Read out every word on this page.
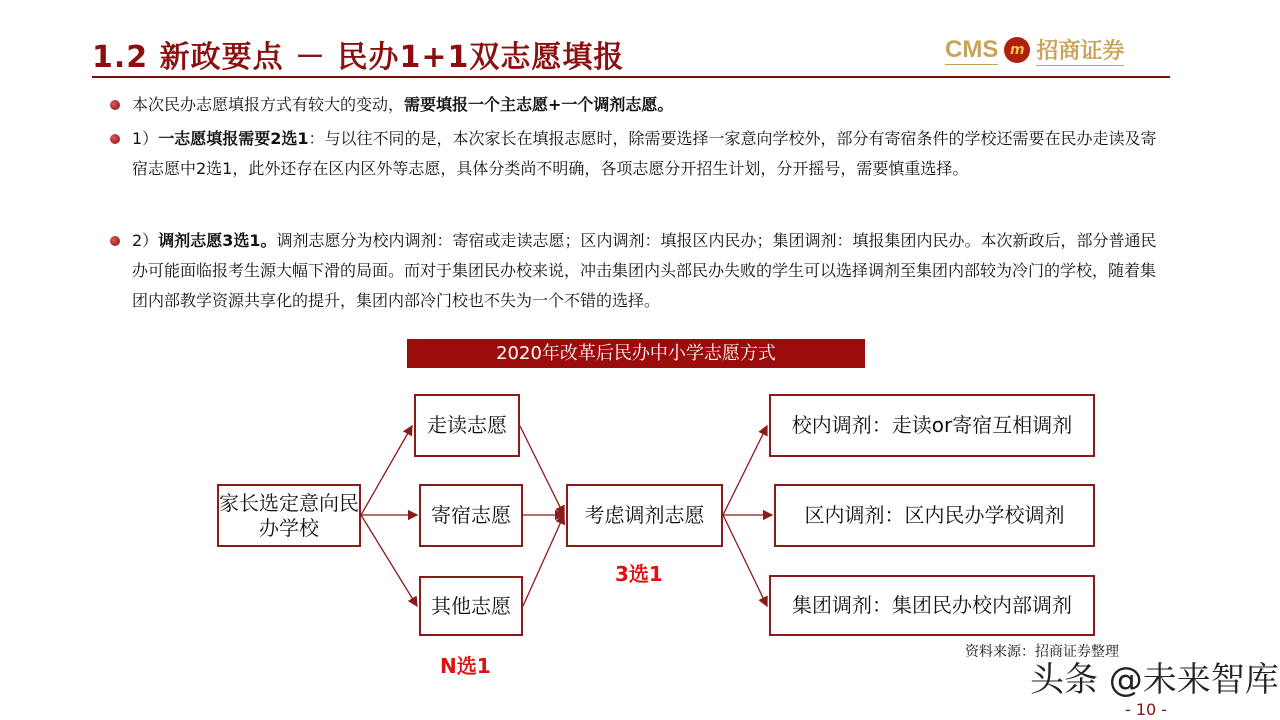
1.2 新政要点 － 民办1+1双志愿填报	CMS m 招商证券
本次民办志愿填报方式有较大的变动，需要填报一个主志愿+一个调剂志愿。
1）一志愿填报需要2选1：与以往不同的是，本次家长在填报志愿时，除需要选择一家意向学校外，部分有寄宿条件的学校还需要在民办走读及寄宿志愿中2选1，此外还存在区内区外等志愿，具体分类尚不明确，各项志愿分开招生计划，分开摇号，需要慎重选择。
2）调剂志愿3选1。调剂志愿分为校内调剂：寄宿或走读志愿；区内调剂：填报区内民办；集团调剂：填报集团内民办。本次新政后，部分普通民办可能面临报考生源大幅下滑的局面。而对于集团民办校来说，冲击集团内头部民办失败的学生可以选择调剂至集团内部较为冷门的学校，随着集团内部教学资源共享化的提升，集团内部冷门校也不失为一个不错的选择。
2020年改革后民办中小学志愿方式
家长选定意向民办学校
走读志愿
寄宿志愿
其他志愿
考虑调剂志愿
校内调剂：走读or寄宿互相调剂
区内调剂：区内民办学校调剂
集团调剂：集团民办校内部调剂
N选1
3选1
资料来源：招商证券整理
头条 @未来智库
- 10 -
